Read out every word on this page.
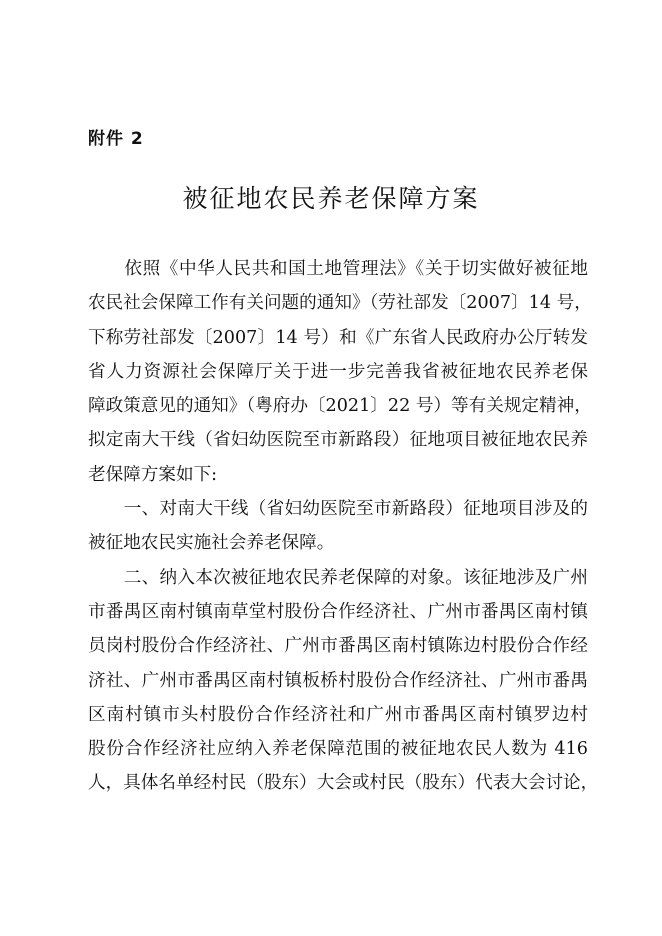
附件 2
被征地农民养老保障方案
　　依照《中华人民共和国土地管理法》《关于切实做好被征地
农民社会保障工作有关问题的通知》（劳社部发〔2007〕14 号，
下称劳社部发〔2007〕14 号）和《广东省人民政府办公厅转发
省人力资源社会保障厅关于进一步完善我省被征地农民养老保
障政策意见的通知》（粤府办〔2021〕22 号）等有关规定精神，
拟定南大干线（省妇幼医院至市新路段）征地项目被征地农民养
老保障方案如下:
　　一、对南大干线（省妇幼医院至市新路段）征地项目涉及的
被征地农民实施社会养老保障。
　　二、纳入本次被征地农民养老保障的对象。该征地涉及广州
市番禺区南村镇南草堂村股份合作经济社、广州市番禺区南村镇
员岗村股份合作经济社、广州市番禺区南村镇陈边村股份合作经
济社、广州市番禺区南村镇板桥村股份合作经济社、广州市番禺
区南村镇市头村股份合作经济社和广州市番禺区南村镇罗边村
股份合作经济社应纳入养老保障范围的被征地农民人数为 416
人，具体名单经村民（股东）大会或村民（股东）代表大会讨论，
